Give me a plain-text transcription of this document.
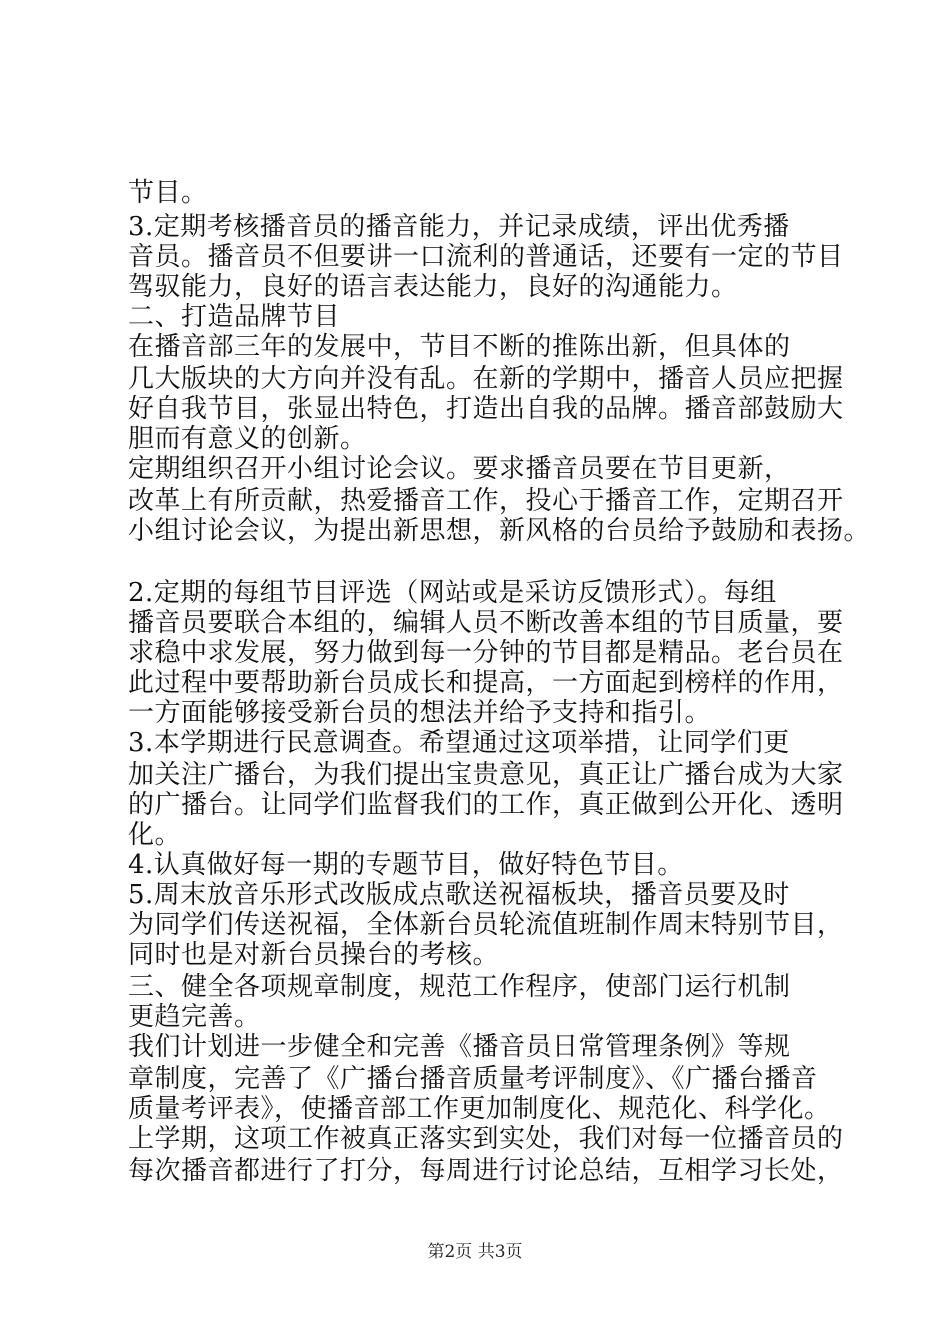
节目。
3.定期考核播音员的播音能力，并记录成绩，评出优秀播
音员。播音员不但要讲一口流利的普通话，还要有一定的节目
驾驭能力，良好的语言表达能力，良好的沟通能力。
二、打造品牌节目
在播音部三年的发展中，节目不断的推陈出新，但具体的
几大版块的大方向并没有乱。在新的学期中，播音人员应把握
好自我节目，张显出特色，打造出自我的品牌。播音部鼓励大
胆而有意义的创新。
定期组织召开小组讨论会议。要求播音员要在节目更新，
改革上有所贡献，热爱播音工作，投心于播音工作，定期召开
小组讨论会议，为提出新思想，新风格的台员给予鼓励和表扬。
2.定期的每组节目评选（网站或是采访反馈形式）。每组
播音员要联合本组的，编辑人员不断改善本组的节目质量，要
求稳中求发展，努力做到每一分钟的节目都是精品。老台员在
此过程中要帮助新台员成长和提高，一方面起到榜样的作用，
一方面能够接受新台员的想法并给予支持和指引。
3.本学期进行民意调查。希望通过这项举措，让同学们更
加关注广播台，为我们提出宝贵意见，真正让广播台成为大家
的广播台。让同学们监督我们的工作，真正做到公开化、透明
化。
4.认真做好每一期的专题节目，做好特色节目。
5.周末放音乐形式改版成点歌送祝福板块，播音员要及时
为同学们传送祝福，全体新台员轮流值班制作周末特别节目，
同时也是对新台员操台的考核。
三、健全各项规章制度，规范工作程序，使部门运行机制
更趋完善。
我们计划进一步健全和完善《播音员日常管理条例》等规
章制度，完善了《广播台播音质量考评制度》、《广播台播音
质量考评表》，使播音部工作更加制度化、规范化、科学化。
上学期，这项工作被真正落实到实处，我们对每一位播音员的
每次播音都进行了打分，每周进行讨论总结，互相学习长处，
第2页 共3页
